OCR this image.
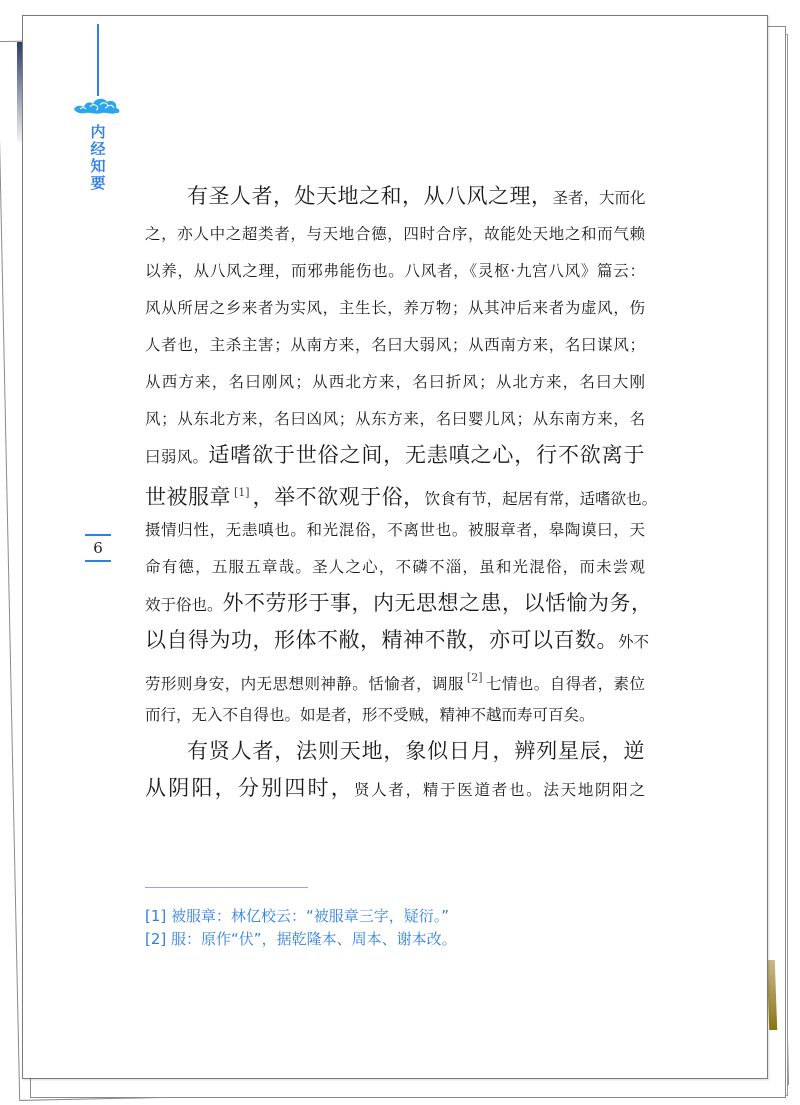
内经知要
6
有圣人者，处天地之和，从八风之理，圣者，大而化
之，亦人中之超类者，与天地合德，四时合序，故能处天地之和而气赖
以养，从八风之理，而邪弗能伤也。八风者，《灵枢·九宫八风》篇云：
风从所居之乡来者为实风，主生长，养万物；从其冲后来者为虚风，伤
人者也，主杀主害；从南方来，名曰大弱风；从西南方来，名曰谋风；
从西方来，名曰刚风；从西北方来，名曰折风；从北方来，名曰大刚
风；从东北方来，名曰凶风；从东方来，名曰婴儿风；从东南方来，名
曰弱风。适嗜欲于世俗之间，无恚嗔之心，行不欲离于
世被服章 [1] ，举不欲观于俗，饮食有节，起居有常，适嗜欲也。
摄情归性，无恚嗔也。和光混俗，不离世也。被服章者，皋陶谟曰，天
命有德，五服五章哉。圣人之心，不磷不淄，虽和光混俗，而未尝观
效于俗也。外不劳形于事，内无思想之患，以恬愉为务，
以自得为功，形体不敝，精神不散，亦可以百数。外不
劳形则身安，内无思想则神静。恬愉者，调服 [2] 七情也。自得者，素位
而行，无入不自得也。如是者，形不受贼，精神不越而寿可百矣。
有贤人者，法则天地，象似日月，辨列星辰，逆
从阴阳，分别四时，贤人者，精于医道者也。法天地阴阳之
[1] 被服章：林亿校云：“被服章三字，疑衍。”
[2] 服：原作“伏”，据乾隆本、周本、谢本改。
